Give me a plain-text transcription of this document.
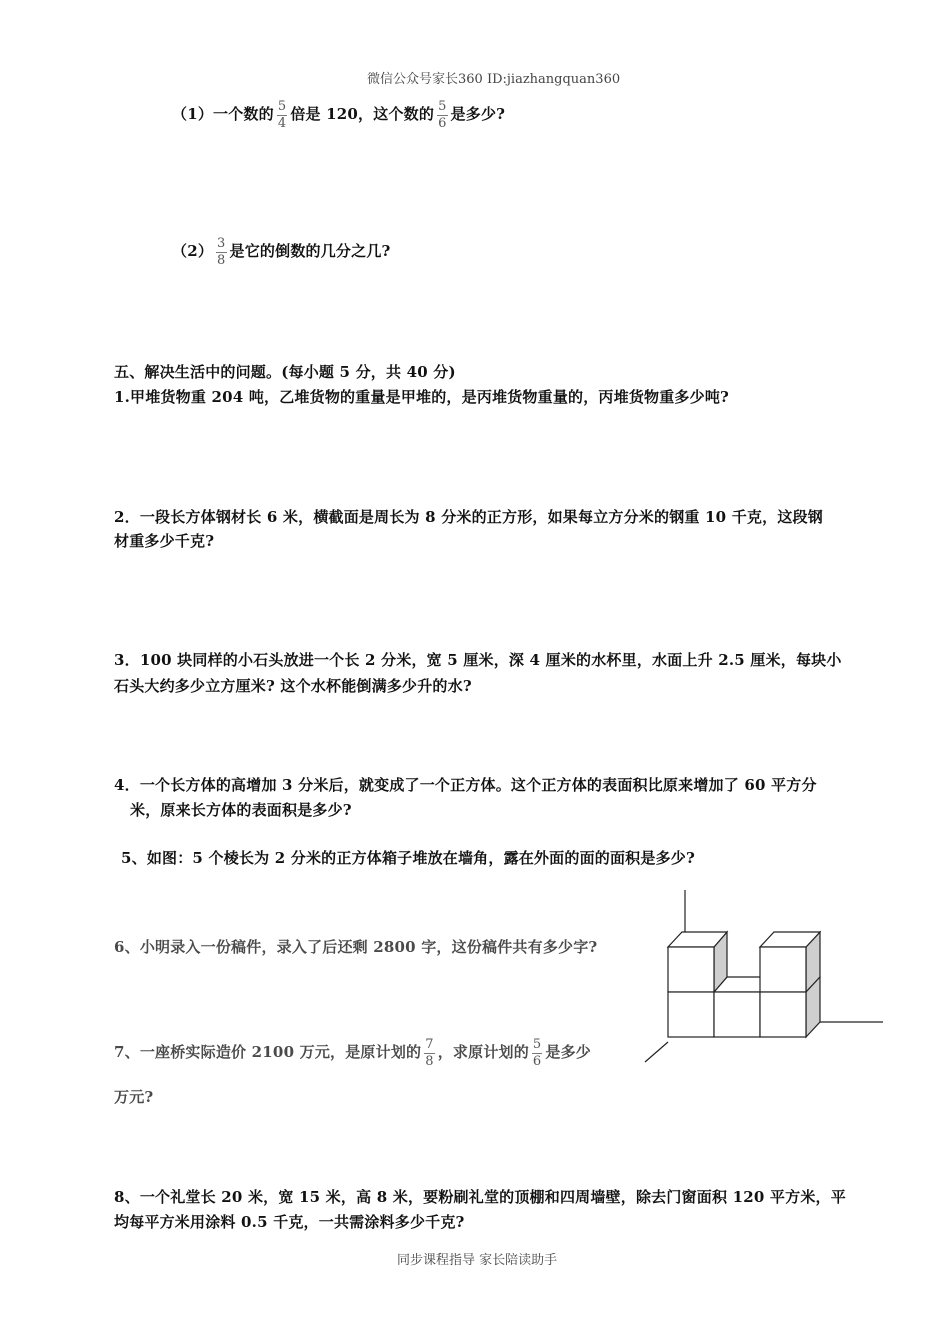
微信公众号家长360 ID:jiazhangquan360
（1）一个数的 $\frac{5}{4}$ 倍是 120，这个数的 $\frac{5}{6}$ 是多少?
$(2) \frac{3}{8}$ 是它的倒数的几分之几?
五、解决生活中的问题。(每小题 5 分，共 40 分)
1.甲堆货物重 204 吨，乙堆货物的重量是甲堆的，是丙堆货物重量的，丙堆货物重多少吨?
2．一段长方体钢材长 6 米，横截面是周长为 8 分米的正方形，如果每立方分米的钢重 10 千克，这段钢
材重多少千克?
3．100 块同样的小石头放进一个长 2 分米，宽 5 厘米，深 4 厘米的水杯里，水面上升 2.5 厘米，每块小
石头大约多少立方厘米? 这个水杯能倒满多少升的水?
4．一个长方体的高增加 3 分米后，就变成了一个正方体。这个正方体的表面积比原来增加了 60 平方分
米，原来长方体的表面积是多少?
5、如图：5 个棱长为 2 分米的正方体箱子堆放在墙角，露在外面的面的面积是多少?
6、小明录入一份稿件，录入了后还剩 2800 字，这份稿件共有多少字?
7、一座桥实际造价 2100 万元，是原计划的 $\frac{7}{8}$ ，求原计划的 $\frac{5}{6}$ 是多少
万元?
8、一个礼堂长 20 米，宽 15 米，高 8 米，要粉刷礼堂的顶棚和四周墙壁，除去门窗面积 120 平方米，平
均每平方米用涂料 0.5 千克，一共需涂料多少千克?
同步课程指导 家长陪读助手
